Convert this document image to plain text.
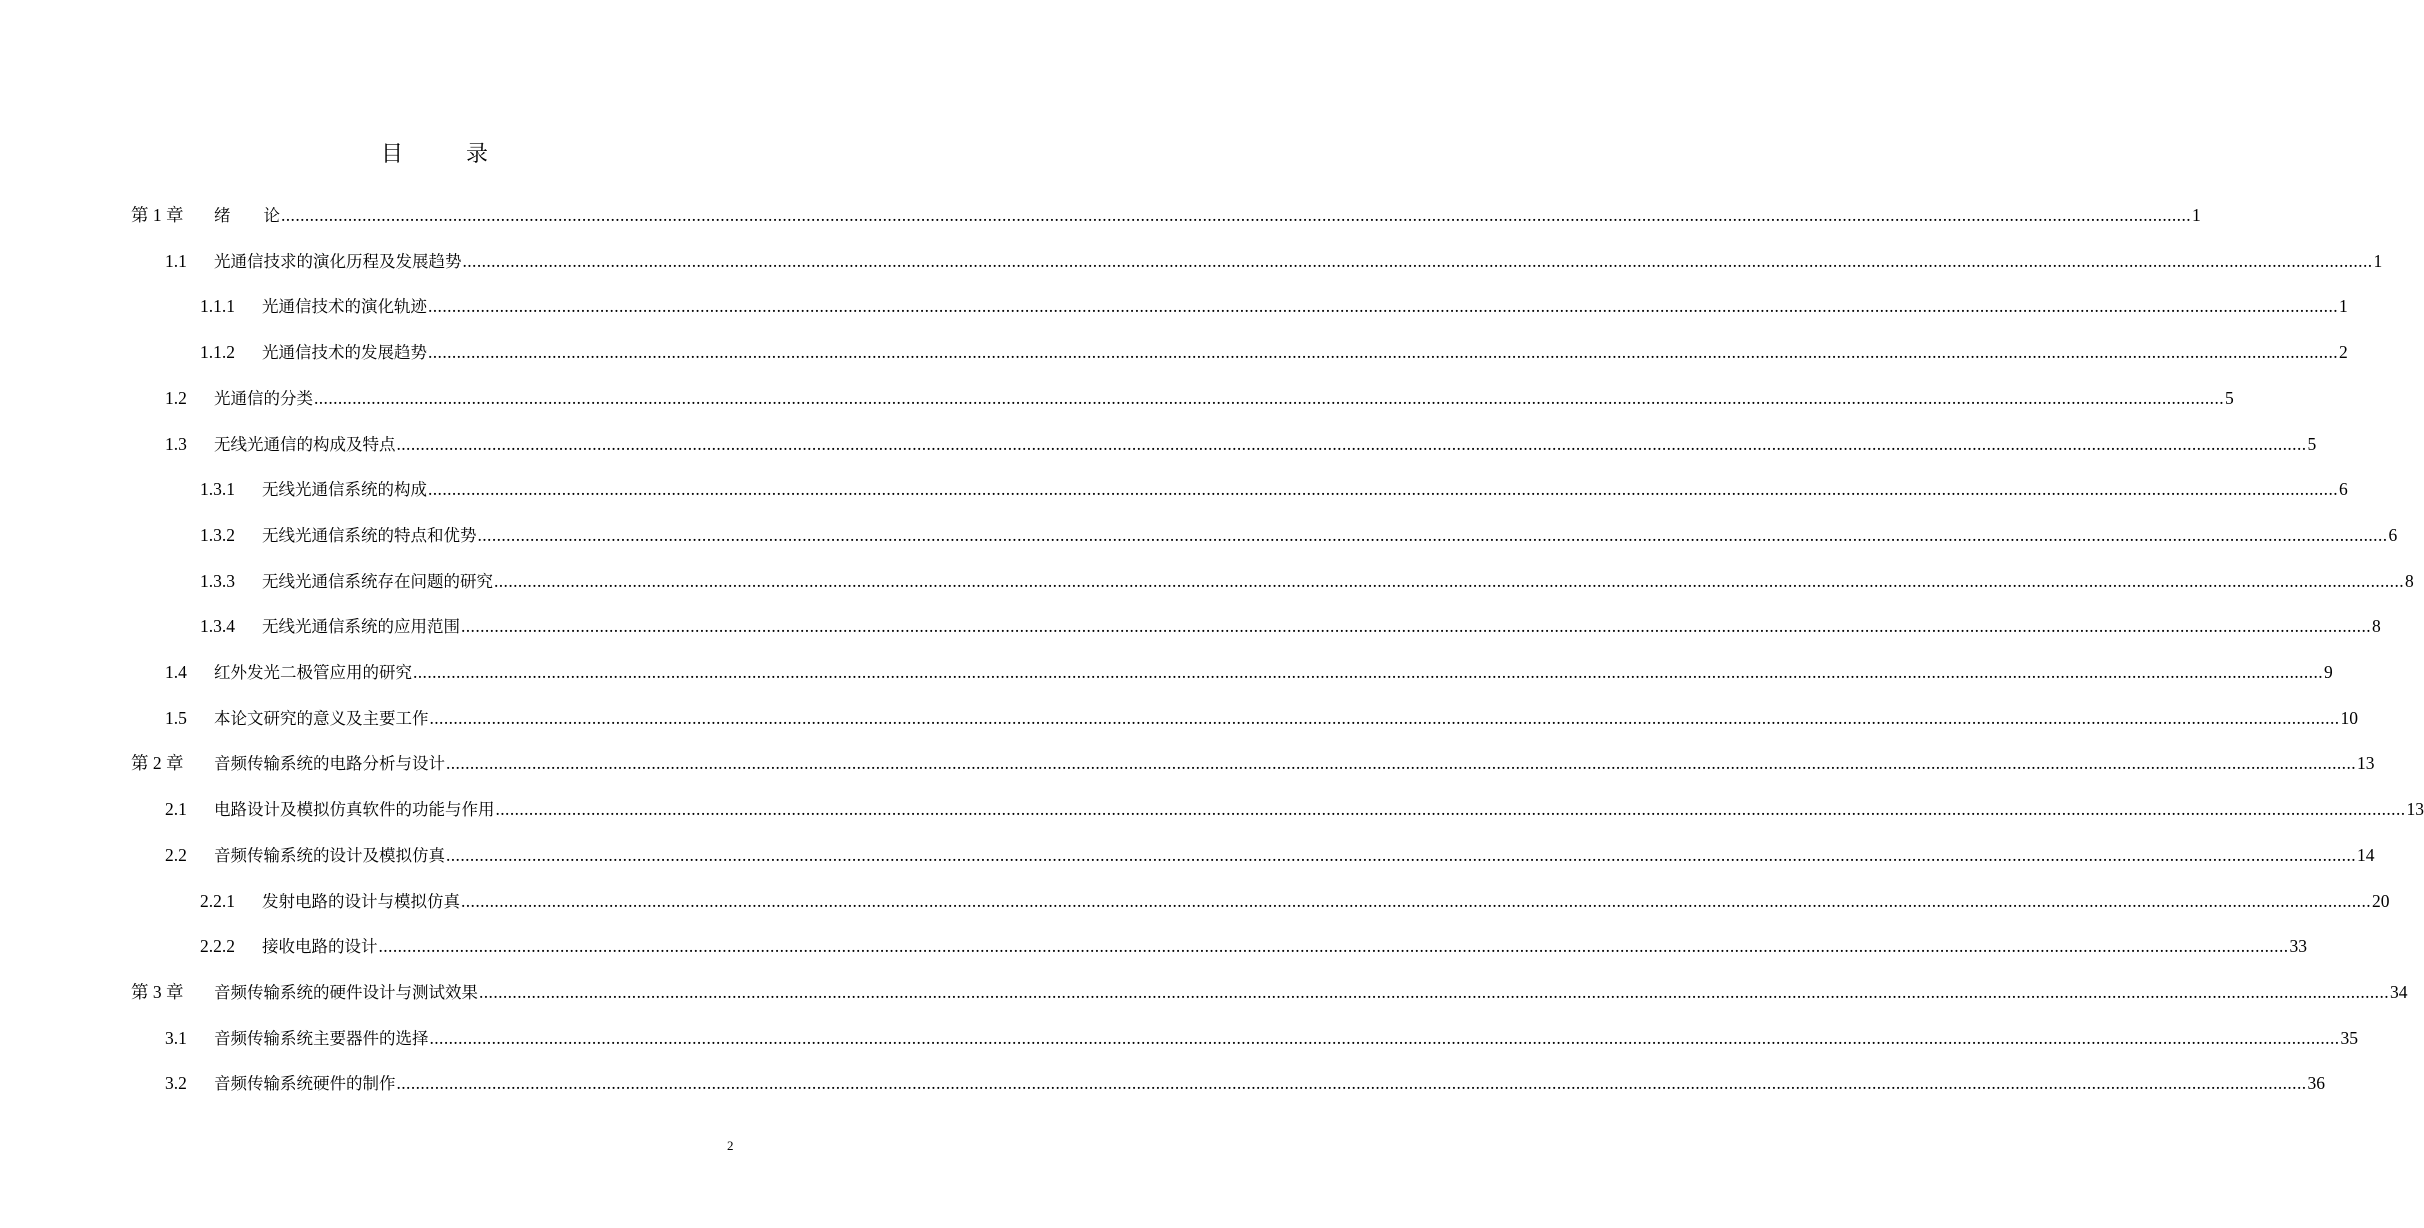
目 录
第 1 章	绪　　论 ................................................................................................................................................................................................................................................................................................................................................................................................................ 1
1.1	光通信技求的演化历程及发展趋势 ................................................................................................................................................................................................................................................................................................................................................................................................................ 1
1.1.1	光通信技术的演化轨迹 ................................................................................................................................................................................................................................................................................................................................................................................................................ 1
1.1.2	光通信技术的发展趋势 ................................................................................................................................................................................................................................................................................................................................................................................................................ 2
1.2	光通信的分类 ................................................................................................................................................................................................................................................................................................................................................................................................................ 5
1.3	无线光通信的构成及特点 ................................................................................................................................................................................................................................................................................................................................................................................................................ 5
1.3.1	无线光通信系统的构成 ................................................................................................................................................................................................................................................................................................................................................................................................................ 6
1.3.2	无线光通信系统的特点和优势 ................................................................................................................................................................................................................................................................................................................................................................................................................ 6
1.3.3	无线光通信系统存在问题的研究 ................................................................................................................................................................................................................................................................................................................................................................................................................ 8
1.3.4	无线光通信系统的应用范围 ................................................................................................................................................................................................................................................................................................................................................................................................................ 8
1.4	红外发光二极管应用的研究 ................................................................................................................................................................................................................................................................................................................................................................................................................ 9
1.5	本论文研究的意义及主要工作 ................................................................................................................................................................................................................................................................................................................................................................................................................ 10
第 2 章	音频传输系统的电路分析与设计 ................................................................................................................................................................................................................................................................................................................................................................................................................ 13
2.1	电路设计及模拟仿真软件的功能与作用 ................................................................................................................................................................................................................................................................................................................................................................................................................ 13
2.2	音频传输系统的设计及模拟仿真 ................................................................................................................................................................................................................................................................................................................................................................................................................ 14
2.2.1	发射电路的设计与模拟仿真 ................................................................................................................................................................................................................................................................................................................................................................................................................ 20
2.2.2	接收电路的设计 ................................................................................................................................................................................................................................................................................................................................................................................................................ 33
第 3 章	音频传输系统的硬件设计与测试效果 ................................................................................................................................................................................................................................................................................................................................................................................................................ 34
3.1	音频传输系统主要器件的选择 ................................................................................................................................................................................................................................................................................................................................................................................................................ 35
3.2	音频传输系统硬件的制作 ................................................................................................................................................................................................................................................................................................................................................................................................................ 36
2
